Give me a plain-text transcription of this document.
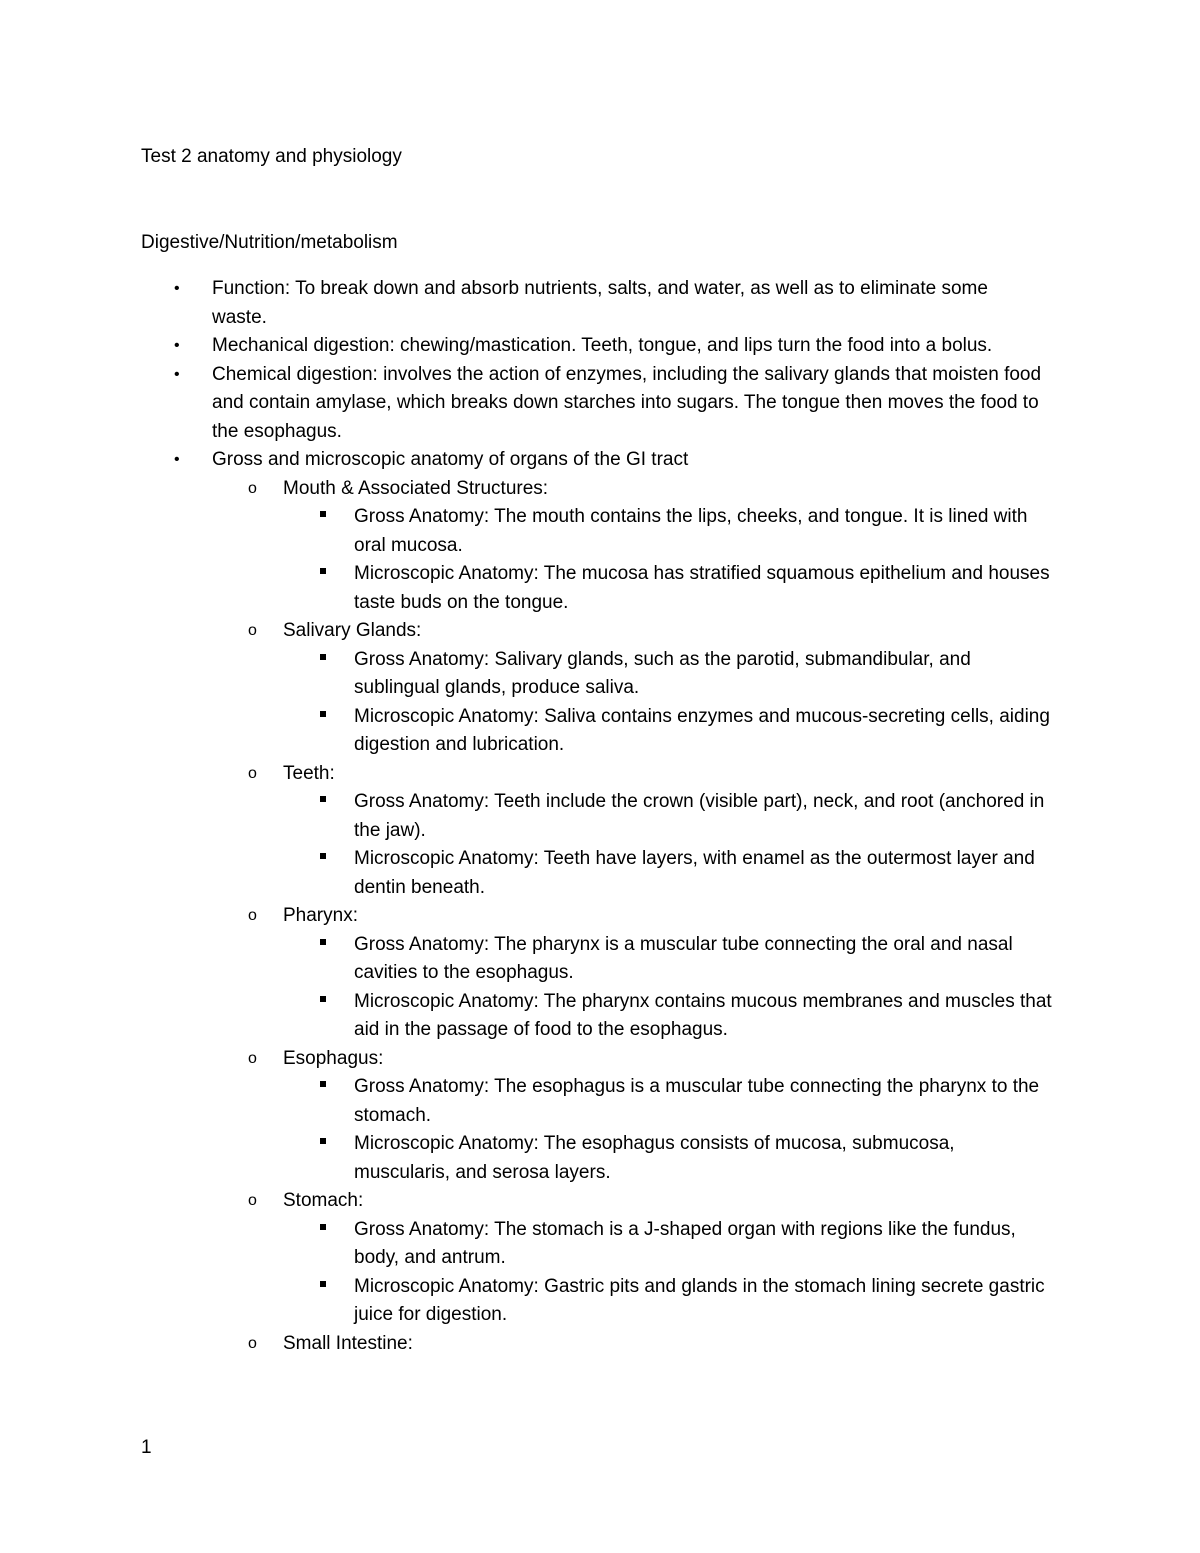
Test 2 anatomy and physiology

Digestive/Nutrition/metabolism

• Function: To break down and absorb nutrients, salts, and water, as well as to eliminate some waste.
• Mechanical digestion: chewing/mastication. Teeth, tongue, and lips turn the food into a bolus.
• Chemical digestion: involves the action of enzymes, including the salivary glands that moisten food and contain amylase, which breaks down starches into sugars. The tongue then moves the food to the esophagus.
• Gross and microscopic anatomy of organs of the GI tract
o Mouth & Associated Structures:
Gross Anatomy: The mouth contains the lips, cheeks, and tongue. It is lined with oral mucosa.
Microscopic Anatomy: The mucosa has stratified squamous epithelium and houses taste buds on the tongue.
o Salivary Glands:
Gross Anatomy: Salivary glands, such as the parotid, submandibular, and sublingual glands, produce saliva.
Microscopic Anatomy: Saliva contains enzymes and mucous-secreting cells, aiding digestion and lubrication.
o Teeth:
Gross Anatomy: Teeth include the crown (visible part), neck, and root (anchored in the jaw).
Microscopic Anatomy: Teeth have layers, with enamel as the outermost layer and dentin beneath.
o Pharynx:
Gross Anatomy: The pharynx is a muscular tube connecting the oral and nasal cavities to the esophagus.
Microscopic Anatomy: The pharynx contains mucous membranes and muscles that aid in the passage of food to the esophagus.
o Esophagus:
Gross Anatomy: The esophagus is a muscular tube connecting the pharynx to the stomach.
Microscopic Anatomy: The esophagus consists of mucosa, submucosa, muscularis, and serosa layers.
o Stomach:
Gross Anatomy: The stomach is a J-shaped organ with regions like the fundus, body, and antrum.
Microscopic Anatomy: Gastric pits and glands in the stomach lining secrete gastric juice for digestion.
o Small Intestine:
1
